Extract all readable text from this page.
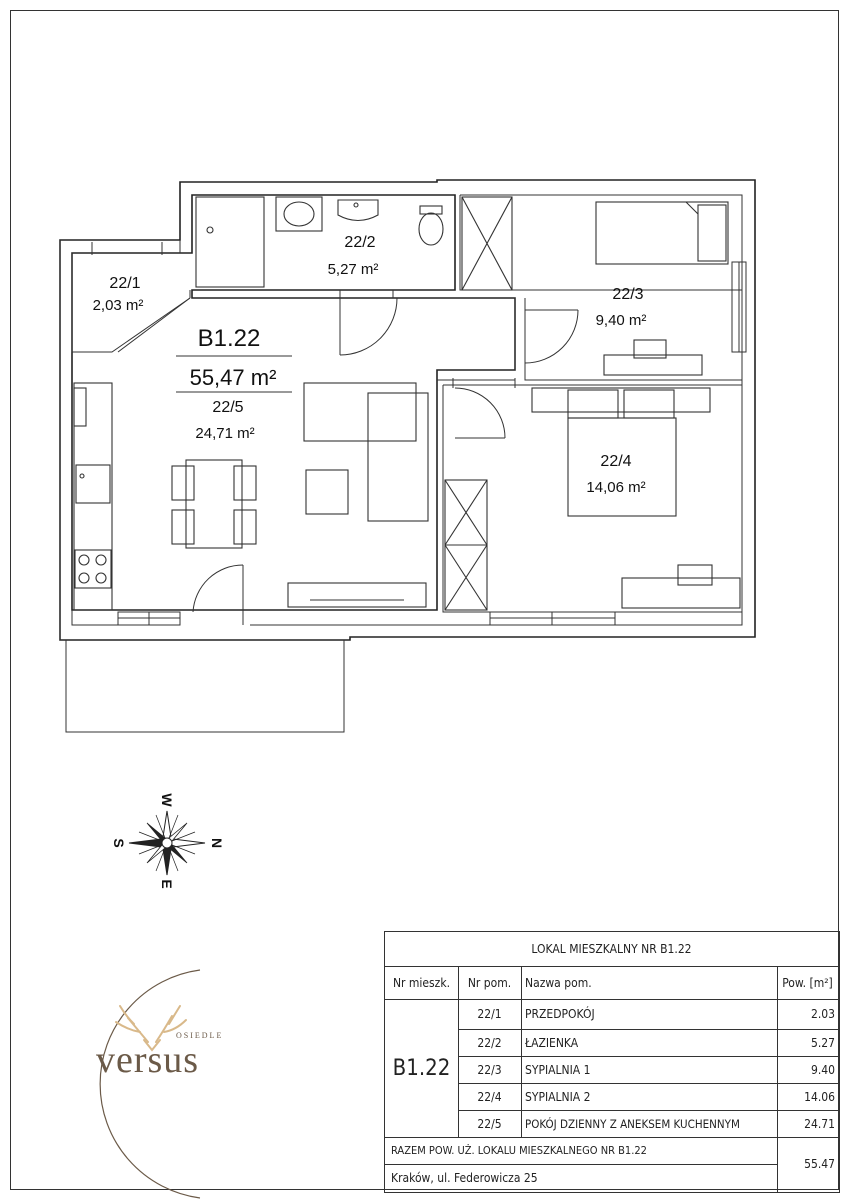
B1.22
55,47 m²
22/1
2,03 m²
22/2
5,27 m²
22/3
9,40 m²
22/4
14,06 m²
22/5
24,71 m²
W
S	N
E
OSIEDLE
versus
LOKAL MIESZKALNY NR B1.22
Nr mieszk.	Nr pom.	Nazwa pom.	Pow. [m²]
B1.22
22/1	PRZEDPOKÓJ	2.03
22/2	ŁAZIENKA	5.27
22/3	SYPIALNIA 1	9.40
22/4	SYPIALNIA 2	14.06
22/5	POKÓJ DZIENNY Z ANEKSEM KUCHENNYM	24.71
RAZEM POW. UŻ. LOKALU MIESZKALNEGO NR B1.22
55.47
Kraków, ul. Federowicza 25
